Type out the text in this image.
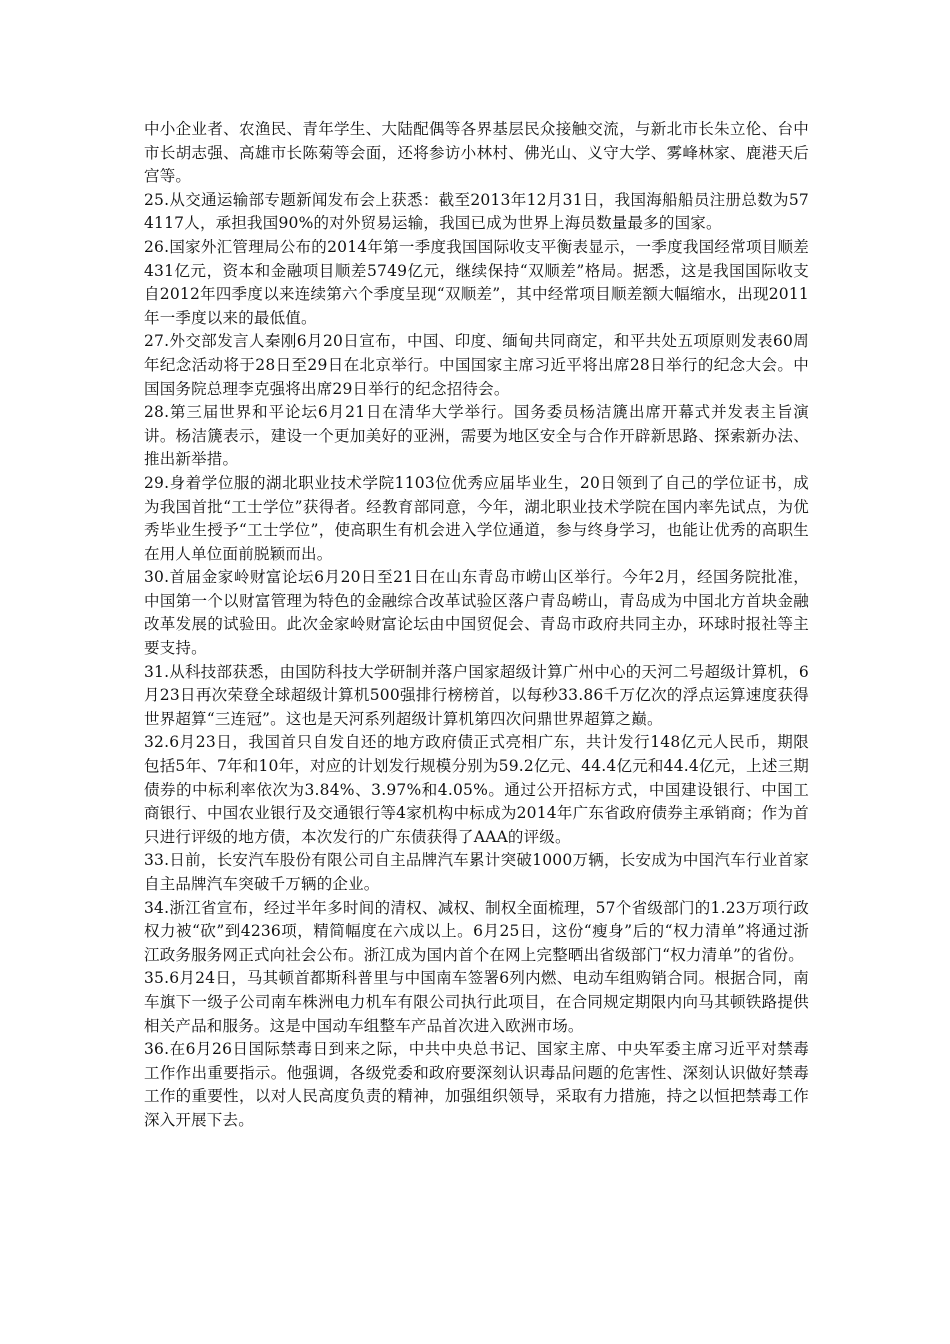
中小企业者、农渔民、青年学生、大陆配偶等各界基层民众接触交流，与新北市长朱立伦、台中市长胡志强、高雄市长陈菊等会面，还将参访小林村、佛光山、义守大学、雾峰林家、鹿港天后宫等。

25.从交通运输部专题新闻发布会上获悉：截至2013年12月31日，我国海船船员注册总数为574117人，承担我国90%的对外贸易运输，我国已成为世界上海员数量最多的国家。

26.国家外汇管理局公布的2014年第一季度我国国际收支平衡表显示，一季度我国经常项目顺差431亿元，资本和金融项目顺差5749亿元，继续保持“双顺差”格局。据悉，这是我国国际收支自2012年四季度以来连续第六个季度呈现“双顺差”，其中经常项目顺差额大幅缩水，出现2011年一季度以来的最低值。

27.外交部发言人秦刚6月20日宣布，中国、印度、缅甸共同商定，和平共处五项原则发表60周年纪念活动将于28日至29日在北京举行。中国国家主席习近平将出席28日举行的纪念大会。中国国务院总理李克强将出席29日举行的纪念招待会。

28.第三届世界和平论坛6月21日在清华大学举行。国务委员杨洁篪出席开幕式并发表主旨演讲。杨洁篪表示，建设一个更加美好的亚洲，需要为地区安全与合作开辟新思路、探索新办法、推出新举措。

29.身着学位服的湖北职业技术学院1103位优秀应届毕业生，20日领到了自己的学位证书，成为我国首批“工士学位”获得者。经教育部同意，今年，湖北职业技术学院在国内率先试点，为优秀毕业生授予“工士学位”，使高职生有机会进入学位通道，参与终身学习，也能让优秀的高职生在用人单位面前脱颖而出。

30.首届金家岭财富论坛6月20日至21日在山东青岛市崂山区举行。今年2月，经国务院批准，中国第一个以财富管理为特色的金融综合改革试验区落户青岛崂山，青岛成为中国北方首块金融改革发展的试验田。此次金家岭财富论坛由中国贸促会、青岛市政府共同主办，环球时报社等主要支持。

31.从科技部获悉，由国防科技大学研制并落户国家超级计算广州中心的天河二号超级计算机，6月23日再次荣登全球超级计算机500强排行榜榜首，以每秒33.86千万亿次的浮点运算速度获得世界超算“三连冠”。这也是天河系列超级计算机第四次问鼎世界超算之巅。

32.6月23日，我国首只自发自还的地方政府债正式亮相广东，共计发行148亿元人民币，期限包括5年、7年和10年，对应的计划发行规模分别为59.2亿元、44.4亿元和44.4亿元，上述三期债券的中标利率依次为3.84%、3.97%和4.05%。通过公开招标方式，中国建设银行、中国工商银行、中国农业银行及交通银行等4家机构中标成为2014年广东省政府债券主承销商；作为首只进行评级的地方债，本次发行的广东债获得了AAA的评级。

33.日前，长安汽车股份有限公司自主品牌汽车累计突破1000万辆，长安成为中国汽车行业首家自主品牌汽车突破千万辆的企业。

34.浙江省宣布，经过半年多时间的清权、减权、制权全面梳理，57个省级部门的1.23万项行政权力被“砍”到4236项，精简幅度在六成以上。6月25日，这份“瘦身”后的“权力清单”将通过浙江政务服务网正式向社会公布。浙江成为国内首个在网上完整晒出省级部门“权力清单”的省份。

35.6月24日，马其顿首都斯科普里与中国南车签署6列内燃、电动车组购销合同。根据合同，南车旗下一级子公司南车株洲电力机车有限公司执行此项目，在合同规定期限内向马其顿铁路提供相关产品和服务。这是中国动车组整车产品首次进入欧洲市场。

36.在6月26日国际禁毒日到来之际，中共中央总书记、国家主席、中央军委主席习近平对禁毒工作作出重要指示。他强调，各级党委和政府要深刻认识毒品问题的危害性、深刻认识做好禁毒工作的重要性，以对人民高度负责的精神，加强组织领导，采取有力措施，持之以恒把禁毒工作深入开展下去。
